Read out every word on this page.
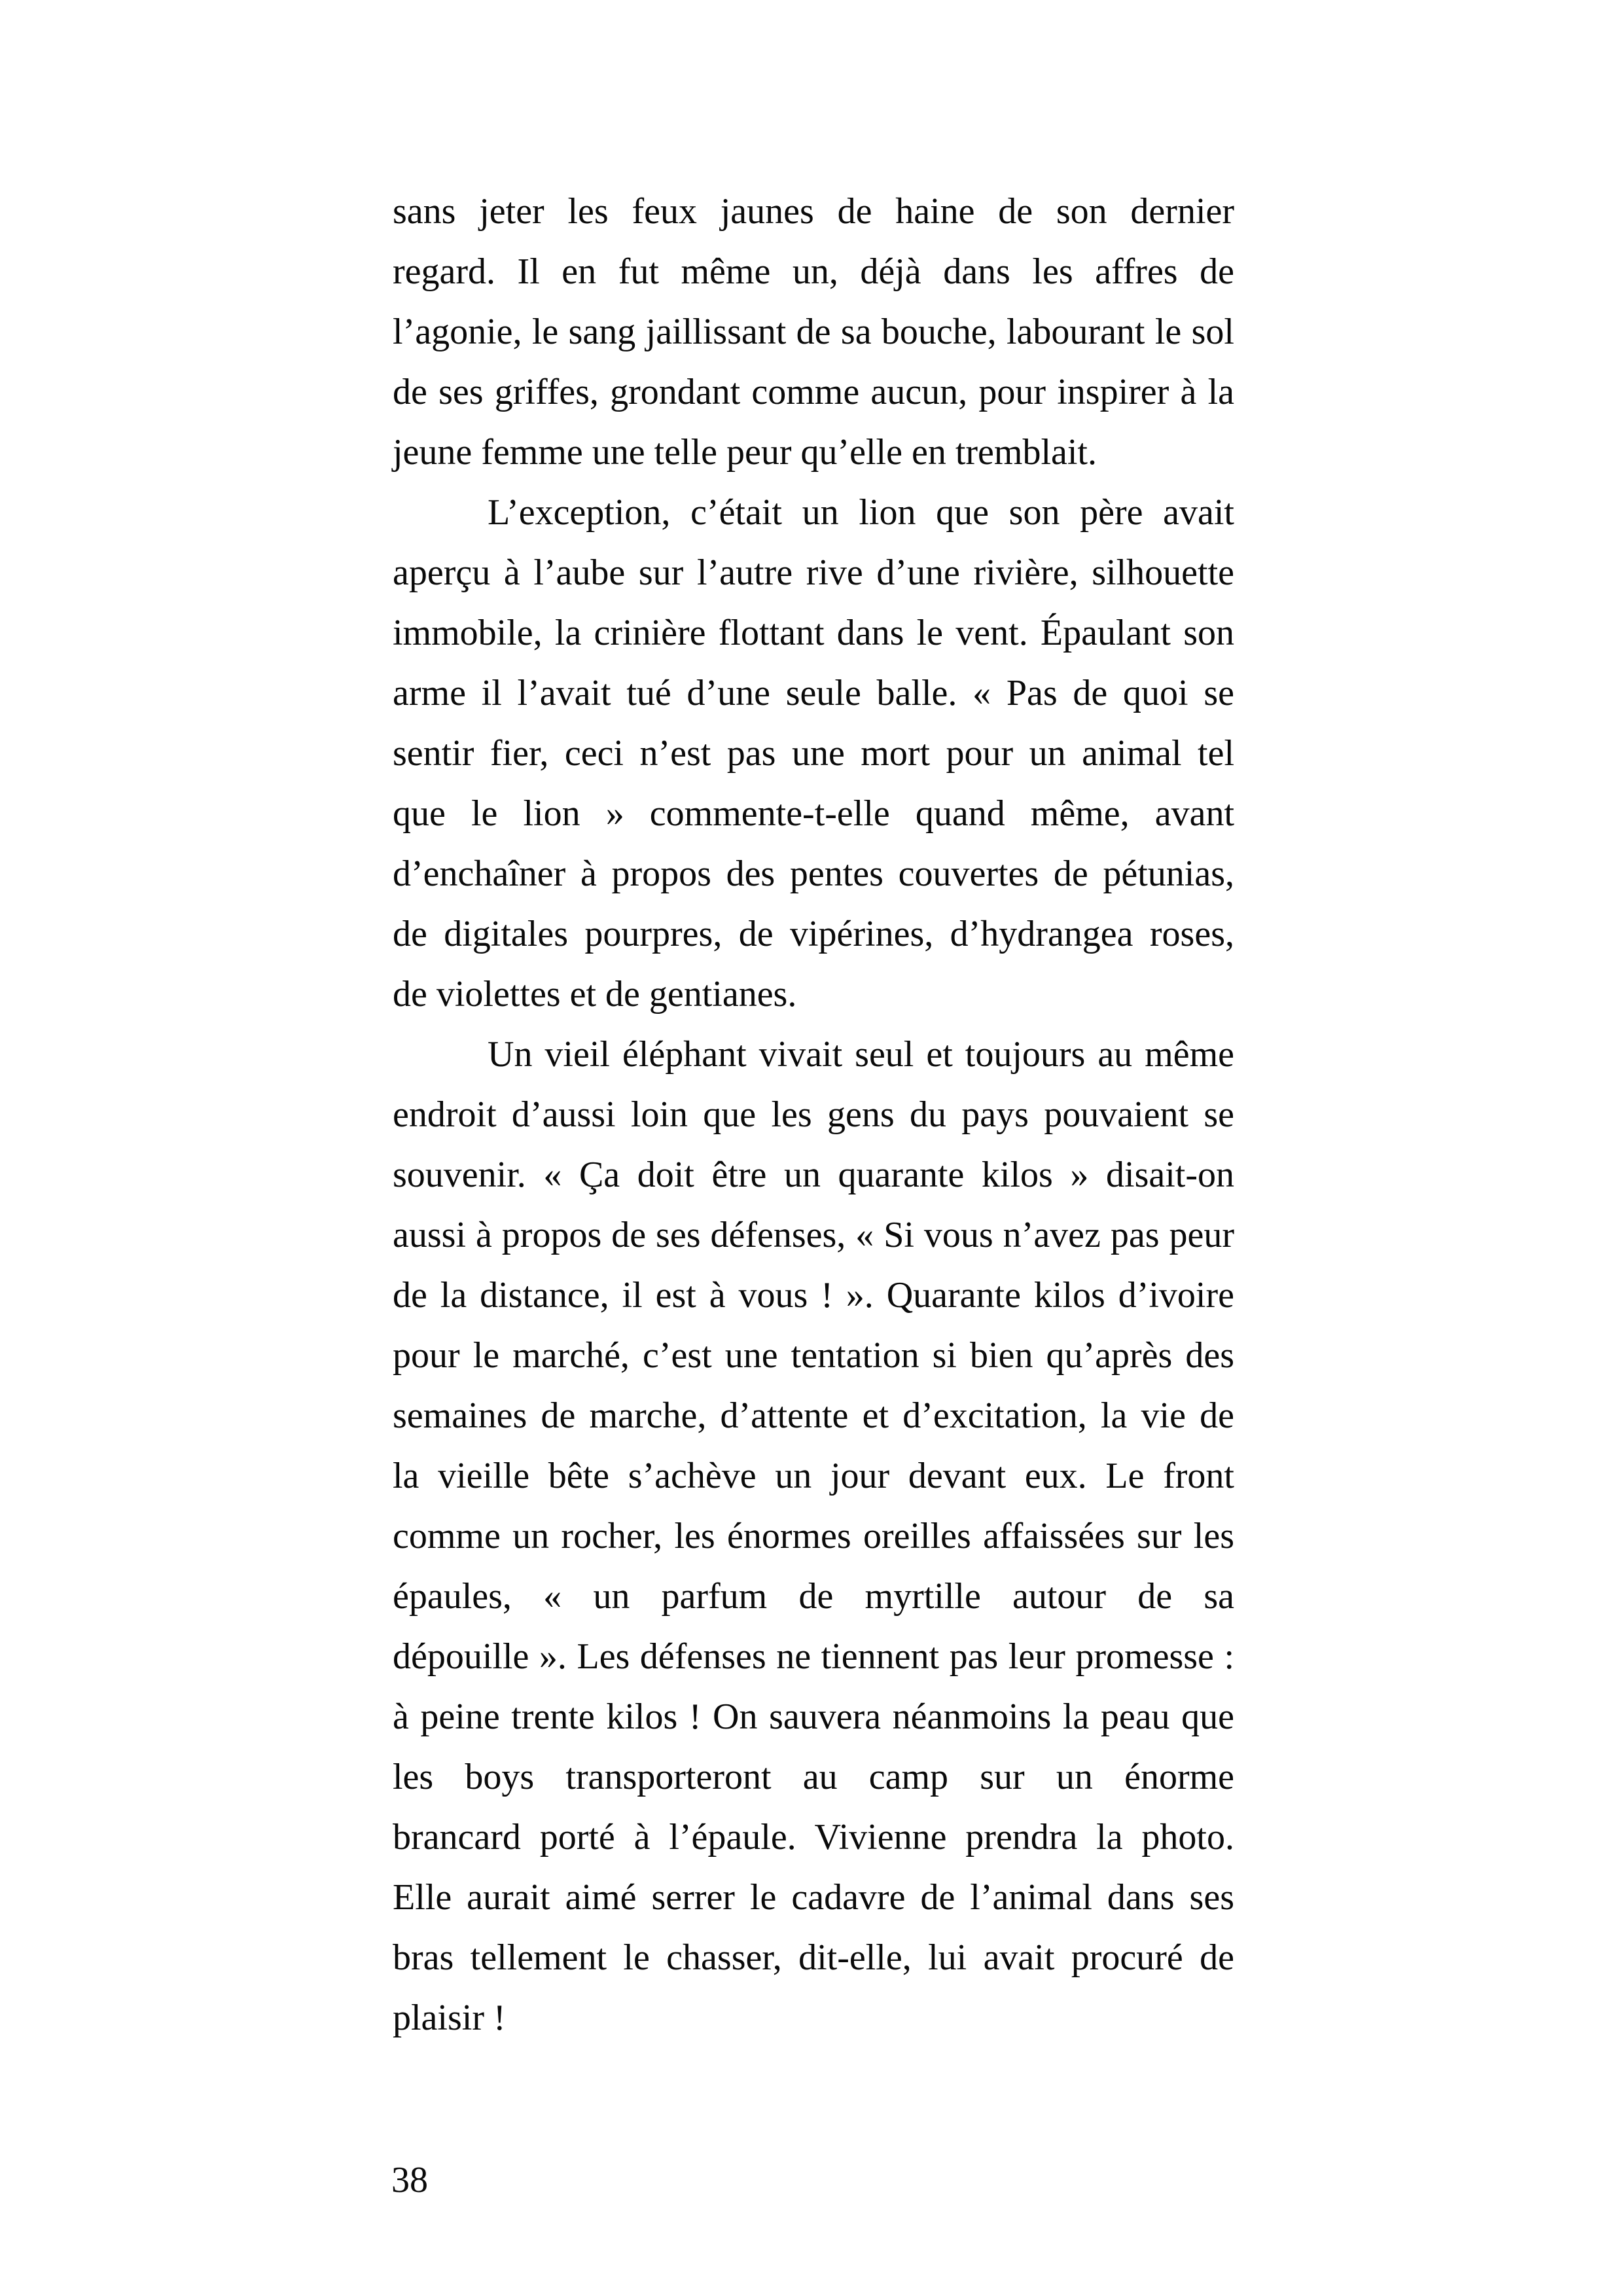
sans jeter les feux jaunes de haine de son dernier
regard. Il en fut même un, déjà dans les affres de
l’agonie, le sang jaillissant de sa bouche, labourant le sol
de ses griffes, grondant comme aucun, pour inspirer à la
jeune femme une telle peur qu’elle en tremblait.
L’exception, c’était un lion que son père avait
aperçu à l’aube sur l’autre rive d’une rivière, silhouette
immobile, la crinière flottant dans le vent. Épaulant son
arme il l’avait tué d’une seule balle. « Pas de quoi se
sentir fier, ceci n’est pas une mort pour un animal tel
que le lion » commente-t-elle quand même, avant
d’enchaîner à propos des pentes couvertes de pétunias,
de digitales pourpres, de vipérines, d’hydrangea roses,
de violettes et de gentianes.
Un vieil éléphant vivait seul et toujours au même
endroit d’aussi loin que les gens du pays pouvaient se
souvenir. « Ça doit être un quarante kilos » disait-on
aussi à propos de ses défenses, « Si vous n’avez pas peur
de la distance, il est à vous ! ». Quarante kilos d’ivoire
pour le marché, c’est une tentation si bien qu’après des
semaines de marche, d’attente et d’excitation, la vie de
la vieille bête s’achève un jour devant eux. Le front
comme un rocher, les énormes oreilles affaissées sur les
épaules, « un parfum de myrtille autour de sa
dépouille ». Les défenses ne tiennent pas leur promesse :
à peine trente kilos ! On sauvera néanmoins la peau que
les boys transporteront au camp sur un énorme
brancard porté à l’épaule. Vivienne prendra la photo.
Elle aurait aimé serrer le cadavre de l’animal dans ses
bras tellement le chasser, dit-elle, lui avait procuré de
plaisir !
38
